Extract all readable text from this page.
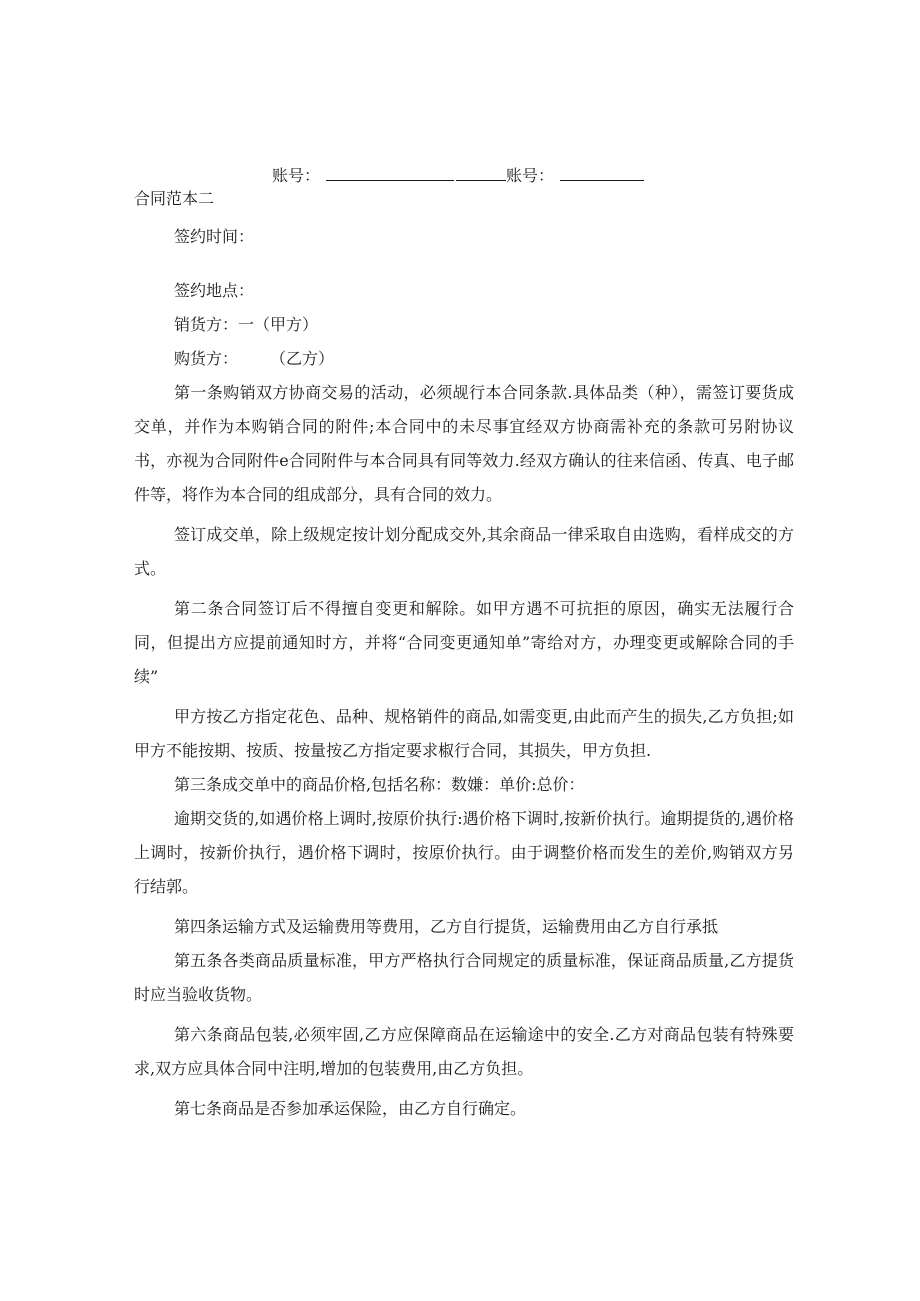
账号：	账号：
合同范本二

签约时间：

签约地点：

销货方：一（甲方）

购货方：　　　（乙方）

第一条购销双方协商交易的活动，必须觇行本合同条款.具体品类（种），需签订要货成交单，并作为本购销合同的附件;本合同中的未尽事宜经双方协商需补充的条款可另附协议书，亦视为合同附件e合同附件与本合同具有同等效力.经双方确认的往来信函、传真、电子邮件等，将作为本合同的组成部分，具有合同的效力。

签订成交单，除上级规定按计划分配成交外,其余商品一律采取自由选购，看样成交的方式。

第二条合同签订后不得擅自变更和解除。如甲方遇不可抗拒的原因，确实无法履行合同，但提出方应提前通知时方，并将“合同变更通知单”寄给对方，办理变更或解除合同的手续”

甲方按乙方指定花色、品种、规格销件的商品,如需变更,由此而产生的损失,乙方负担;如甲方不能按期、按质、按量按乙方指定要求椒行合同，其损失，甲方负担.

第三条成交单中的商品价格,包括名称：数嫌：单价:总价：

逾期交货的,如遇价格上调时,按原价执行:遇价格下调时,按新价执行。逾期提货的,遇价格上调时，按新价执行，遇价格下调时，按原价执行。由于调整价格而发生的差价,购销双方另行结郭。

第四条运输方式及运输费用等费用，乙方自行提货，运输费用由乙方自行承抵

第五条各类商品质量标准，甲方严格执行合同规定的质量标准，保证商品质量,乙方提货时应当验收货物。

第六条商品包装,必须牢固,乙方应保障商品在运输途中的安全.乙方对商品包装有特殊要求,双方应具体合同中注明,增加的包装费用,由乙方负担。

第七条商品是否参加承运保险，由乙方自行确定。
